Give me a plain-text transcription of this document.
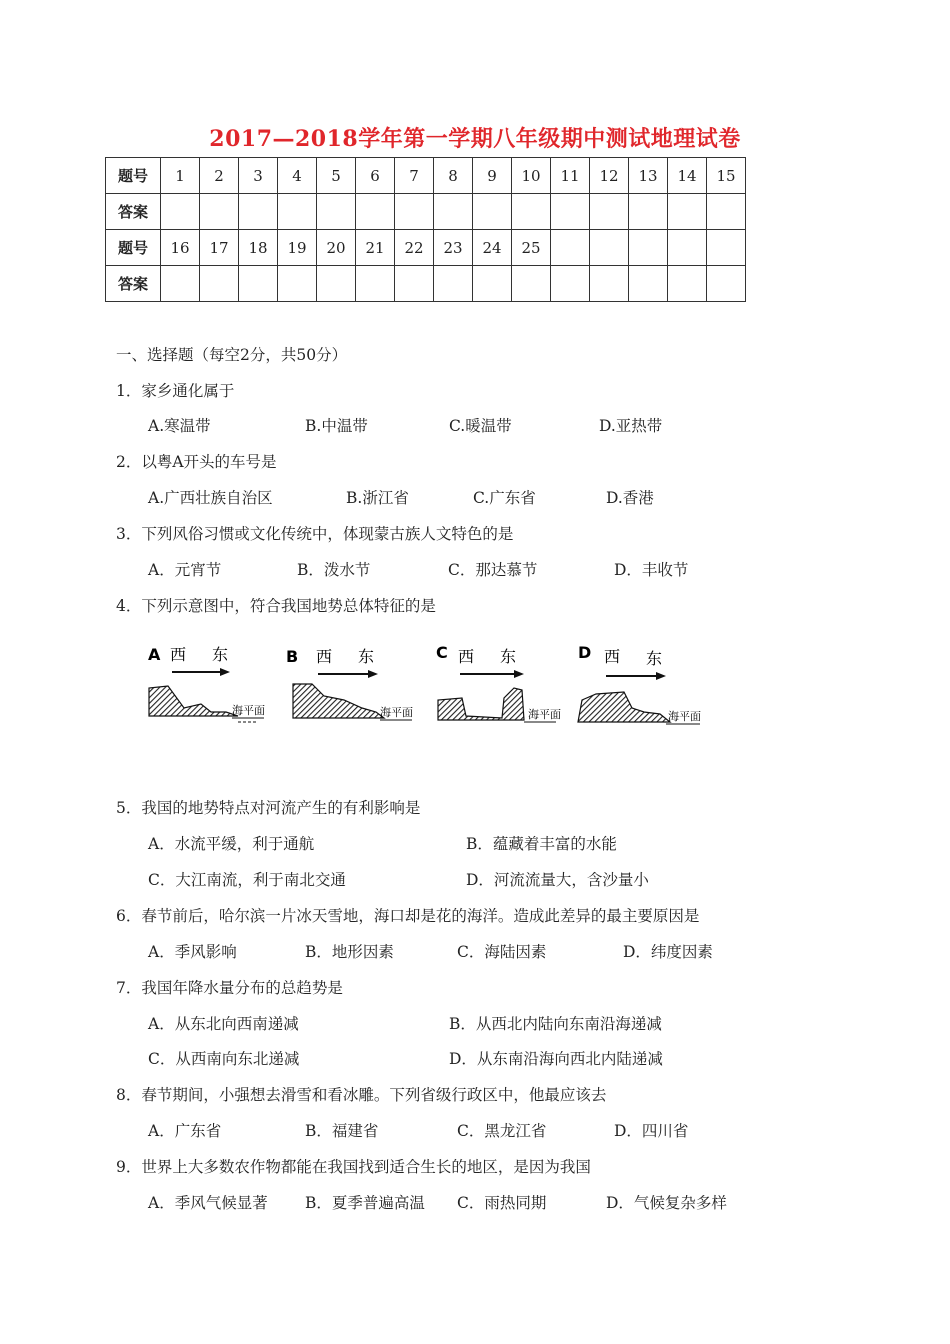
2017—2018学年第一学期八年级期中测试地理试卷
题号	1	2	3	4	5	6	7	8	9	10	11	12	13	14	15
答案															
题号	16	17	18	19	20	21	22	23	24	25					
答案															
一、选择题（每空2分，共50分）
1．家乡通化属于
A.寒温带	B.中温带	C.暖温带	D.亚热带
2．以粤A开头的车号是
A.广西壮族自治区	B.浙江省	C.广东省	D.香港
3．下列风俗习惯或文化传统中，体现蒙古族人文特色的是
A．元宵节	B．泼水节	C．那达慕节	D．丰收节
4．下列示意图中，符合我国地势总体特征的是
A 西 东
海平面
B 西 东
海平面
C 西 东
海平面
D 西 东
海平面
5．我国的地势特点对河流产生的有利影响是
A．水流平缓，利于通航	B．蕴藏着丰富的水能
C．大江南流，利于南北交通	D．河流流量大，含沙量小
6．春节前后，哈尔滨一片冰天雪地，海口却是花的海洋。造成此差异的最主要原因是
A．季风影响	B．地形因素	C．海陆因素	D．纬度因素
7．我国年降水量分布的总趋势是
A．从东北向西南递减	B．从西北内陆向东南沿海递减
C．从西南向东北递减	D．从东南沿海向西北内陆递减
8．春节期间，小强想去滑雪和看冰雕。下列省级行政区中，他最应该去
A．广东省	B．福建省	C．黑龙江省	D．四川省
9．世界上大多数农作物都能在我国找到适合生长的地区，是因为我国
A．季风气候显著 B．夏季普遍高温 C．雨热同期	D．气候复杂多样
